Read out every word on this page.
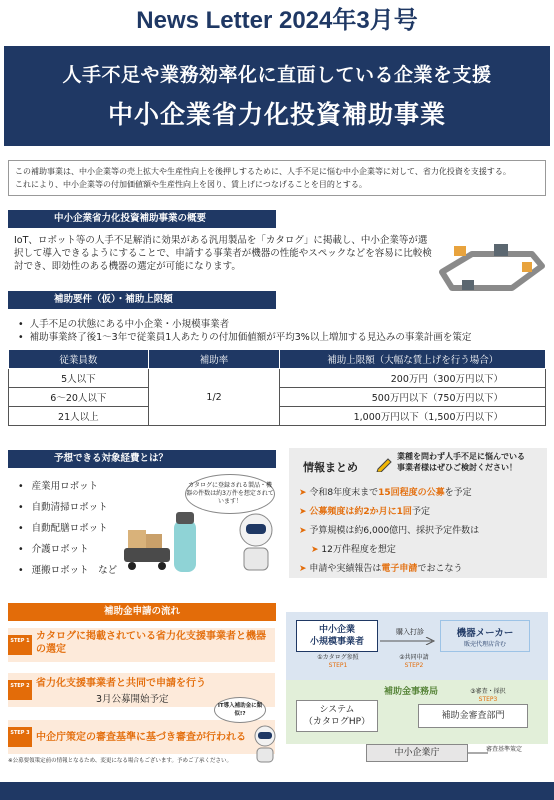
News Letter 2024年3月号
人手不足や業務効率化に直面している企業を支援
中小企業省力化投資補助事業
この補助事業は、中小企業等の売上拡大や生産性向上を後押しするために、人手不足に悩む中小企業等に対して、省力化投資を支援する。
これにより、中小企業等の付加価値額や生産性向上を図り、賃上げにつなげることを目的とする。
中小企業省力化投資補助事業の概要
IoT、ロボット等の人手不足解消に効果がある汎用製品を「カタログ」に掲載し、中小企業等が選択して導入できるようにすることで、申請する事業者が機器の性能やスペックなどを容易に比較検討でき、即効性のある機器の選定が可能になります。
補助要件（仮）・補助上限額
• 人手不足の状態にある中小企業・小規模事業者
• 補助事業終了後1～3年で従業員1人あたりの付加価値額が平均3%以上増加する見込みの事業計画を策定
従業員数	補助率	補助上限額（大幅な賃上げを行う場合）
5人以下	1/2	200万円（300万円以下）
6～20人以下		500万円以下（750万円以下）
21人以上		1,000万円以下（1,500万円以下）
予想できる対象経費とは？
• 産業用ロボット
• 自動清掃ロボット
• 自動配膳ロボット
• 介護ロボット
• 運搬ロボット　など
カタログに登録される製品・機器の件数は約3万件を想定されています！
情報まとめ
業種を問わず人手不足に悩んでいる
事業者様はぜひご検討ください！
➤ 令和8年度末まで15回程度の公募を予定
➤ 公募頻度は約2か月に1回予定
➤ 予算規模は約6,000億円、採択予定件数は
➤ 12万件程度を想定
➤ 申請や実績報告は電子申請でおこなう
補助金申請の流れ
STEP 1 カタログに掲載されている省力化支援事業者と機器の選定
STEP 2 省力化支援事業者と共同で申請を行う
3月公募開始予定
STEP 3 中企庁策定の審査基準に基づき審査が行われる
IT導入補助金に類似!?
中小企業
小規模事業者
購入打診	機器メーカー
販売代理店含む
①カタログ参照
STEP1
②共同申請
STEP2
③審査・採択
STEP3
補助金事務局
システム
（カタログHP）
補助金審査部門
中小企業庁	審査基準策定
※公募要領策定前の情報となるため、変更になる場合もございます。予めご了承ください。
